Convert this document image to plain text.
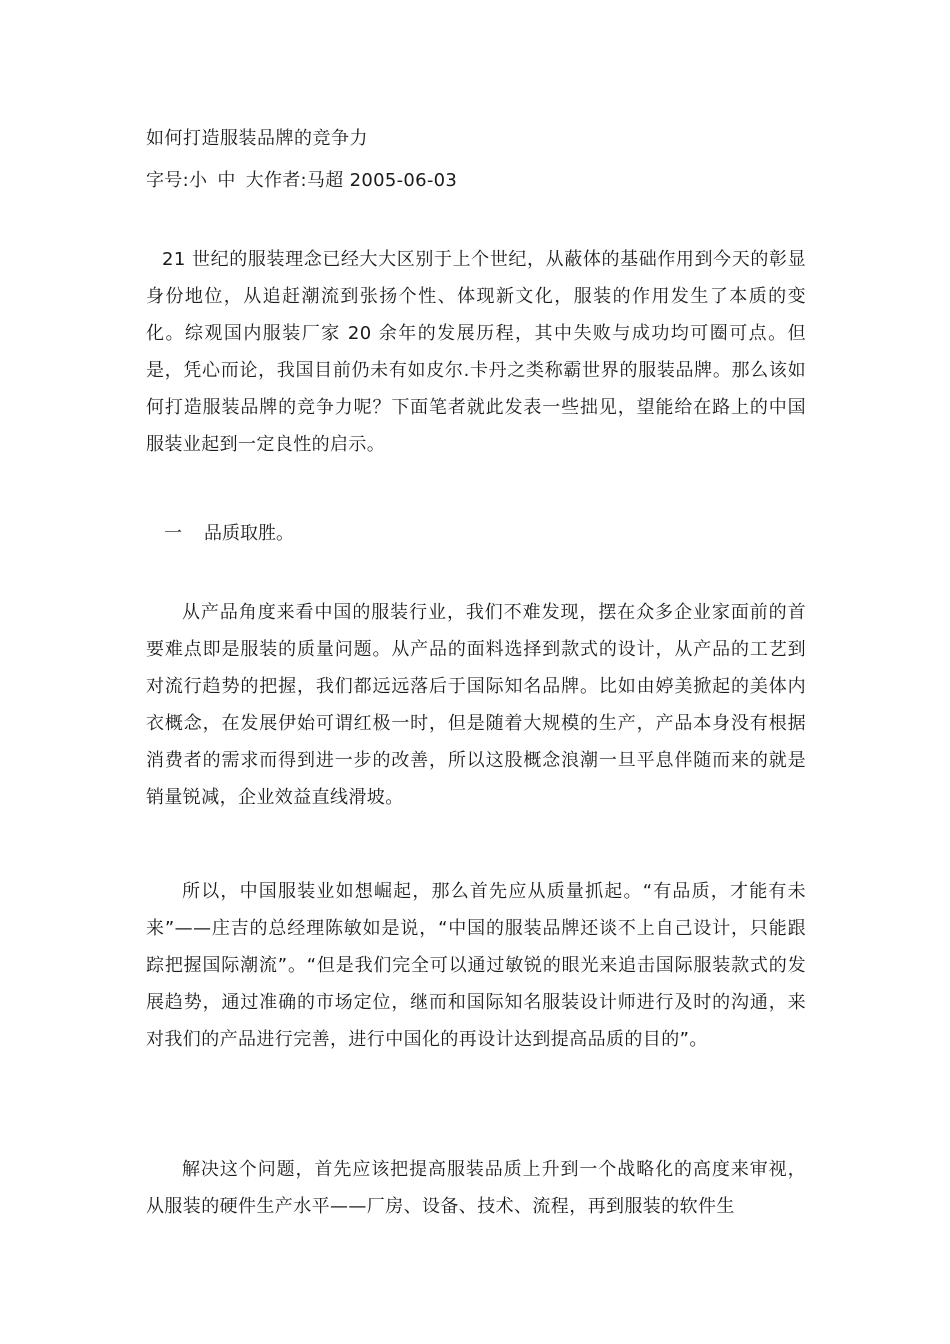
如何打造服装品牌的竞争力
字号:小 中 大作者:马超 2005-06-03

21 世纪的服装理念已经大大区别于上个世纪，从蔽体的基础作用到今天的彰显身份地位，从追赶潮流到张扬个性、体现新文化，服装的作用发生了本质的变化。综观国内服装厂家 20 余年的发展历程，其中失败与成功均可圈可点。但是，凭心而论，我国目前仍未有如皮尔.卡丹之类称霸世界的服装品牌。那么该如何打造服装品牌的竞争力呢？下面笔者就此发表一些拙见，望能给在路上的中国服装业起到一定良性的启示。

一 品质取胜。

从产品角度来看中国的服装行业，我们不难发现，摆在众多企业家面前的首要难点即是服装的质量问题。从产品的面料选择到款式的设计，从产品的工艺到对流行趋势的把握，我们都远远落后于国际知名品牌。比如由婷美掀起的美体内衣概念，在发展伊始可谓红极一时，但是随着大规模的生产，产品本身没有根据消费者的需求而得到进一步的改善，所以这股概念浪潮一旦平息伴随而来的就是销量锐减，企业效益直线滑坡。

所以，中国服装业如想崛起，那么首先应从质量抓起。“有品质，才能有未来”——庄吉的总经理陈敏如是说，“中国的服装品牌还谈不上自己设计，只能跟踪把握国际潮流”。“但是我们完全可以通过敏锐的眼光来追击国际服装款式的发展趋势，通过准确的市场定位，继而和国际知名服装设计师进行及时的沟通，来对我们的产品进行完善，进行中国化的再设计达到提高品质的目的”。

解决这个问题，首先应该把提高服装品质上升到一个战略化的高度来审视，从服装的硬件生产水平——厂房、设备、技术、流程，再到服装的软件生
